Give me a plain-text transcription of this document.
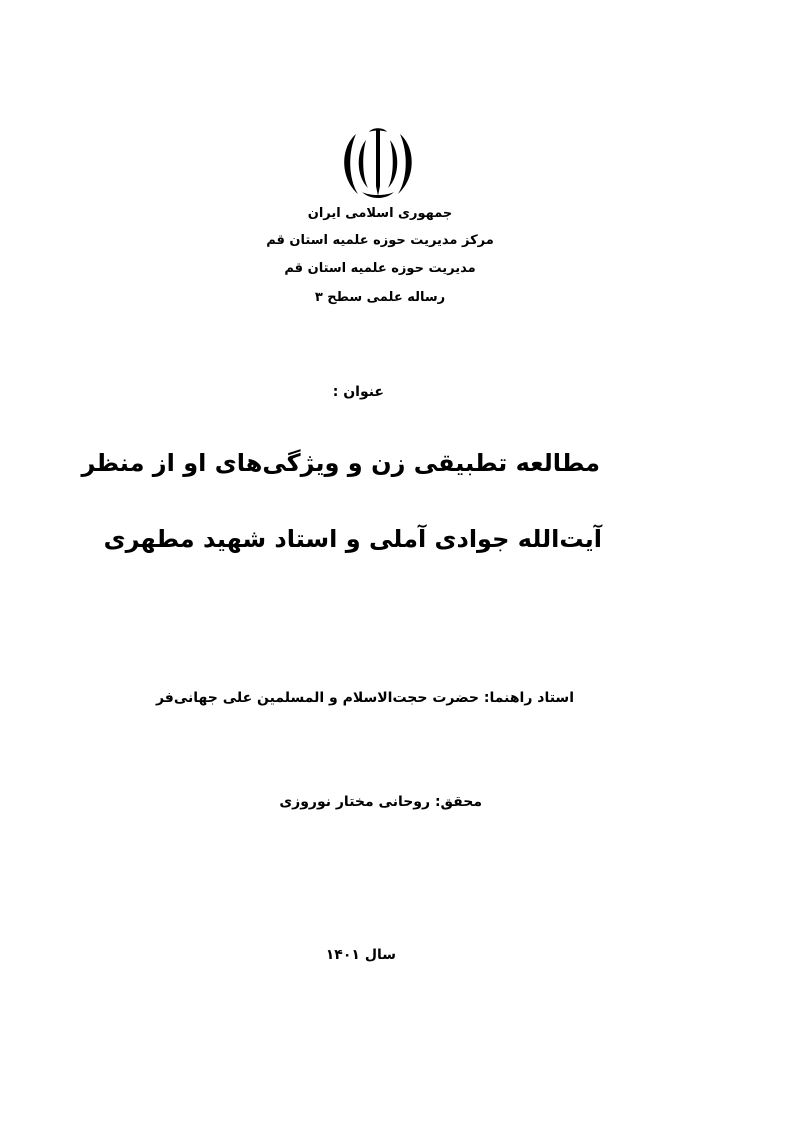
جمهوری اسلامی ایران
مرکز مدیریت حوزه علمیه استان قم
مدیریت حوزه علمیه استان قم
رساله علمی سطح ۳
عنوان :
مطالعه تطبیقی زن و ویژگی‌های او از منظر
آیت‌الله جوادی آملی و استاد شهید مطهری
استاد راهنما: حضرت حجت‌الاسلام و المسلمین علی جهانی‌فر
محقق: روحانی مختار نوروزی
سال ۱۴۰۱
